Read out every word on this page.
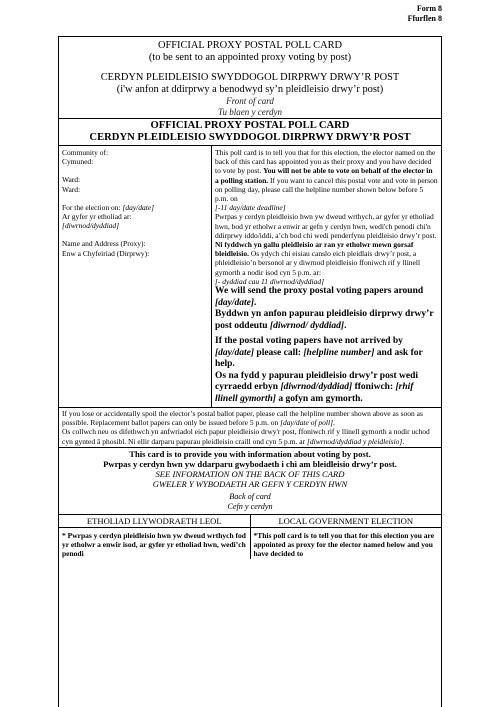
Form 8
Ffurflen 8

OFFICIAL PROXY POSTAL POLL CARD

(to be sent to an appointed proxy voting by post)

CERDYN PLEIDLEISIO SWYDDOGOL DIRPRWY DRWY’R POST

(i'w anfon at ddirprwy a benodwyd sy’n pleidleisio drwy’r post)

Front of card

Tu blaen y cerdyn

OFFICIAL PROXY POSTAL POLL CARD
CERDYN PLEIDLEISIO SWYDDOGOL DIRPRWY DRWY’R POST

Community of:

Cymuned:

Ward:

Ward:

For the election on: [day/date]

Ar gyfer yr etholiad ar:

[diwrnod/dyddiad]

Name and Address (Proxy):

Enw a Chyfeiriad (Dirprwy):

This poll card is to tell you that for this election, the elector named on the back of this card has appointed you as their proxy and you have decided to vote by post. You will not be able to vote on behalf of the elector in a polling station. If you want to cancel this postal vote and vote in person on polling day, please call the helpline number shown below before 5 p.m. on

[-11 day/date deadline]

Pwrpas y cerdyn pleidleisio hwn yw dweud wrthych, ar gyfer yr etholiad hwn, bod yr etholwr a enwir ar gefn y cerdyn hwn, wedi'ch penodi chi'n ddirprwy iddo/iddi, a’ch bod chi wedi penderfynu pleidleisio drwy’r post. Ni fyddwch yn gallu pleidleisio ar ran yr etholwr mewn gorsaf bleidleisio. Os ydych chi eisiau canslo eich pleidlais drwy’r post, a phleidleisio’n bersonol ar y diwrnod pleidleisio ffoniwch rif y llinell gymorth a nodir isod cyn 5 p.m. ar:

[- dyddiad cau 11 diwrnod/dyddiad]

We will send the proxy postal voting papers around [day/date].

Byddwn yn anfon papurau pleidleisio dirprwy drwy’r post oddeutu [diwrnod/ dyddiad].

If the postal voting papers have not arrived by [day/date] please call: [helpline number] and ask for help.

Os na fydd y papurau pleidleisio drwy’r post wedi cyrraedd erbyn [diwrnod/dyddiad] ffoniwch: [rhif llinell gymorth] a gofyn am gymorth.

If you lose or accidentally spoil the elector’s postal ballot paper, please call the helpline number shown above as soon as possible. Replacement ballot papers can only be issued before 5 p.m. on [day/date of poll].

Os collwch neu os difethwch yn anfwriadol eich papur pleidleisio drwy'r post, ffoniwch rif y llinell gymorth a nodir uchod cyn gynted â phosibl. Ni ellir darparu papurau pleidleisio craill ond cyn 5 p.m. ar [diwrnod/dyddiad y pleidleisio].

This card is to provide you with information about voting by post.

Pwrpas y cerdyn hwn yw ddarparu gwybodaeth i chi am bleidleisio drwy’r post.

SEE INFORMATION ON THE BACK OF THIS CARD

GWELER Y WYBODAETH AR GEFN Y CERDYN HWN

Back of card
Cefn y cerdyn
ETHOLIAD LLYWODRAETH LEOL

* Pwrpas y cerdyn pleidleisio hwn yw dweud wrthych fod yr etholwr a enwir isod, ar gyfer yr etholiad hwn, wedi’ch penodi

LOCAL GOVERNMENT ELECTION

*This poll card is to tell you that for this election you are appointed as proxy for the elector named below and you have decided to
